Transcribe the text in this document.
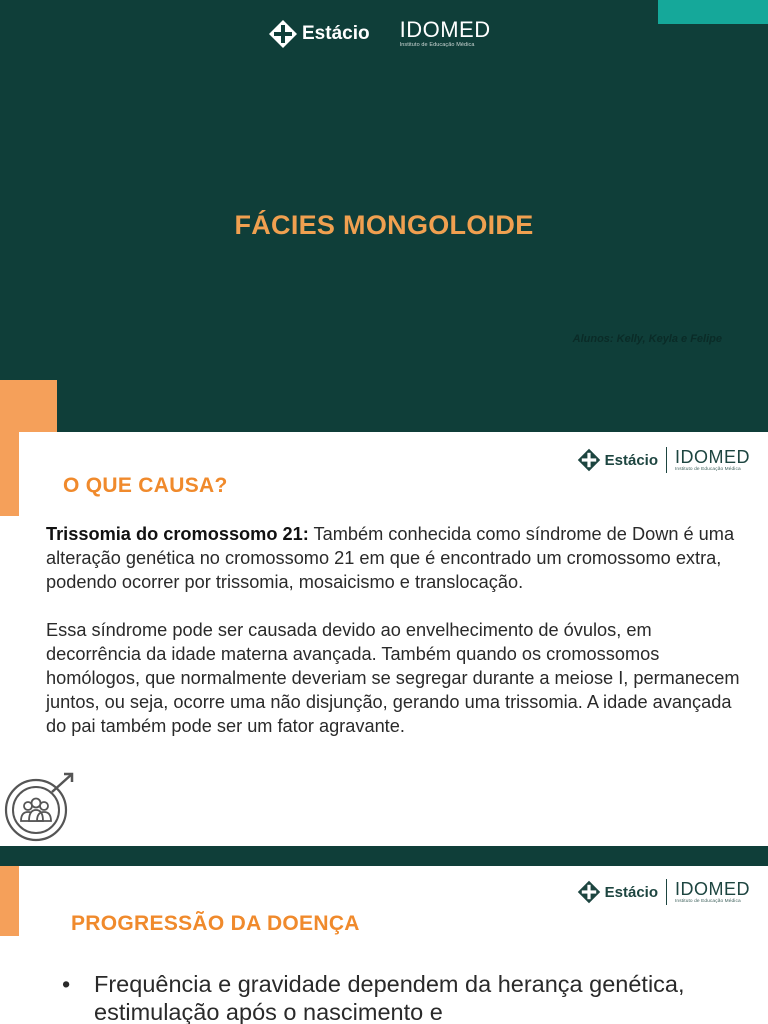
Estácio IDOMED
Instituto de Educação Médica
FÁCIES MONGOLOIDE
Alunos: Kelly, Keyla e Felipe
Estácio IDOMED
Instituto de Educação Médica
O QUE CAUSA?

Trissomia do cromossomo 21: Também conhecida como síndrome de Down é uma alteração genética no cromossomo 21 em que é encontrado um cromossomo extra, podendo ocorrer por trissomia, mosaicismo e translocação.

Essa síndrome pode ser causada devido ao envelhecimento de óvulos, em decorrência da idade materna avançada. Também quando os cromossomos homólogos, que normalmente deveriam se segregar durante a meiose I, permanecem juntos, ou seja, ocorre uma não disjunção, gerando uma trissomia. A idade avançada do pai também pode ser um fator agravante.

Estácio IDOMED
Instituto de Educação Médica
PROGRESSÃO DA DOENÇA
• Frequência e gravidade dependem da herança genética, estimulação após o nascimento e
